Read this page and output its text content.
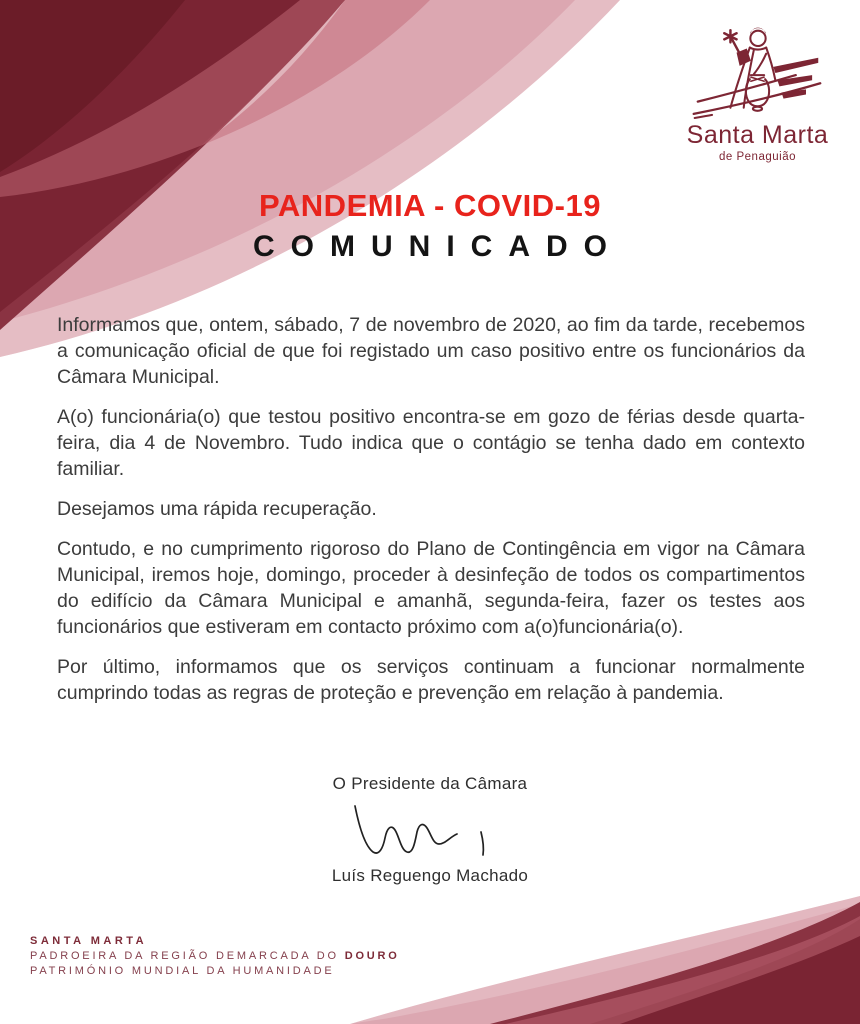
Santa Marta
de Penaguião
PANDEMIA - COVID-19
COMUNICADO

Informamos que, ontem, sábado, 7 de novembro de 2020, ao fim da tarde, recebemos a comunicação oficial de que foi registado um caso positivo entre os funcionários da Câmara Municipal.

A(o) funcionária(o) que testou positivo encontra-se em gozo de férias desde quarta-feira, dia 4 de Novembro. Tudo indica que o contágio se tenha dado em contexto familiar.

Desejamos uma rápida recuperação.

Contudo, e no cumprimento rigoroso do Plano de Contingência em vigor na Câmara Municipal, iremos hoje, domingo, proceder à desinfeção de todos os compartimentos do edifício da Câmara Municipal e amanhã, segunda-feira, fazer os testes aos funcionários que estiveram em contacto próximo com a(o)funcionária(o).

Por último, informamos que os serviços continuam a funcionar normalmente cumprindo todas as regras de proteção e prevenção em relação à pandemia.

O Presidente da Câmara
Luís Reguengo Machado
SANTA MARTA
PADROEIRA DA REGIÃO DEMARCADA DO DOURO
PATRIMÓNIO MUNDIAL DA HUMANIDADE
